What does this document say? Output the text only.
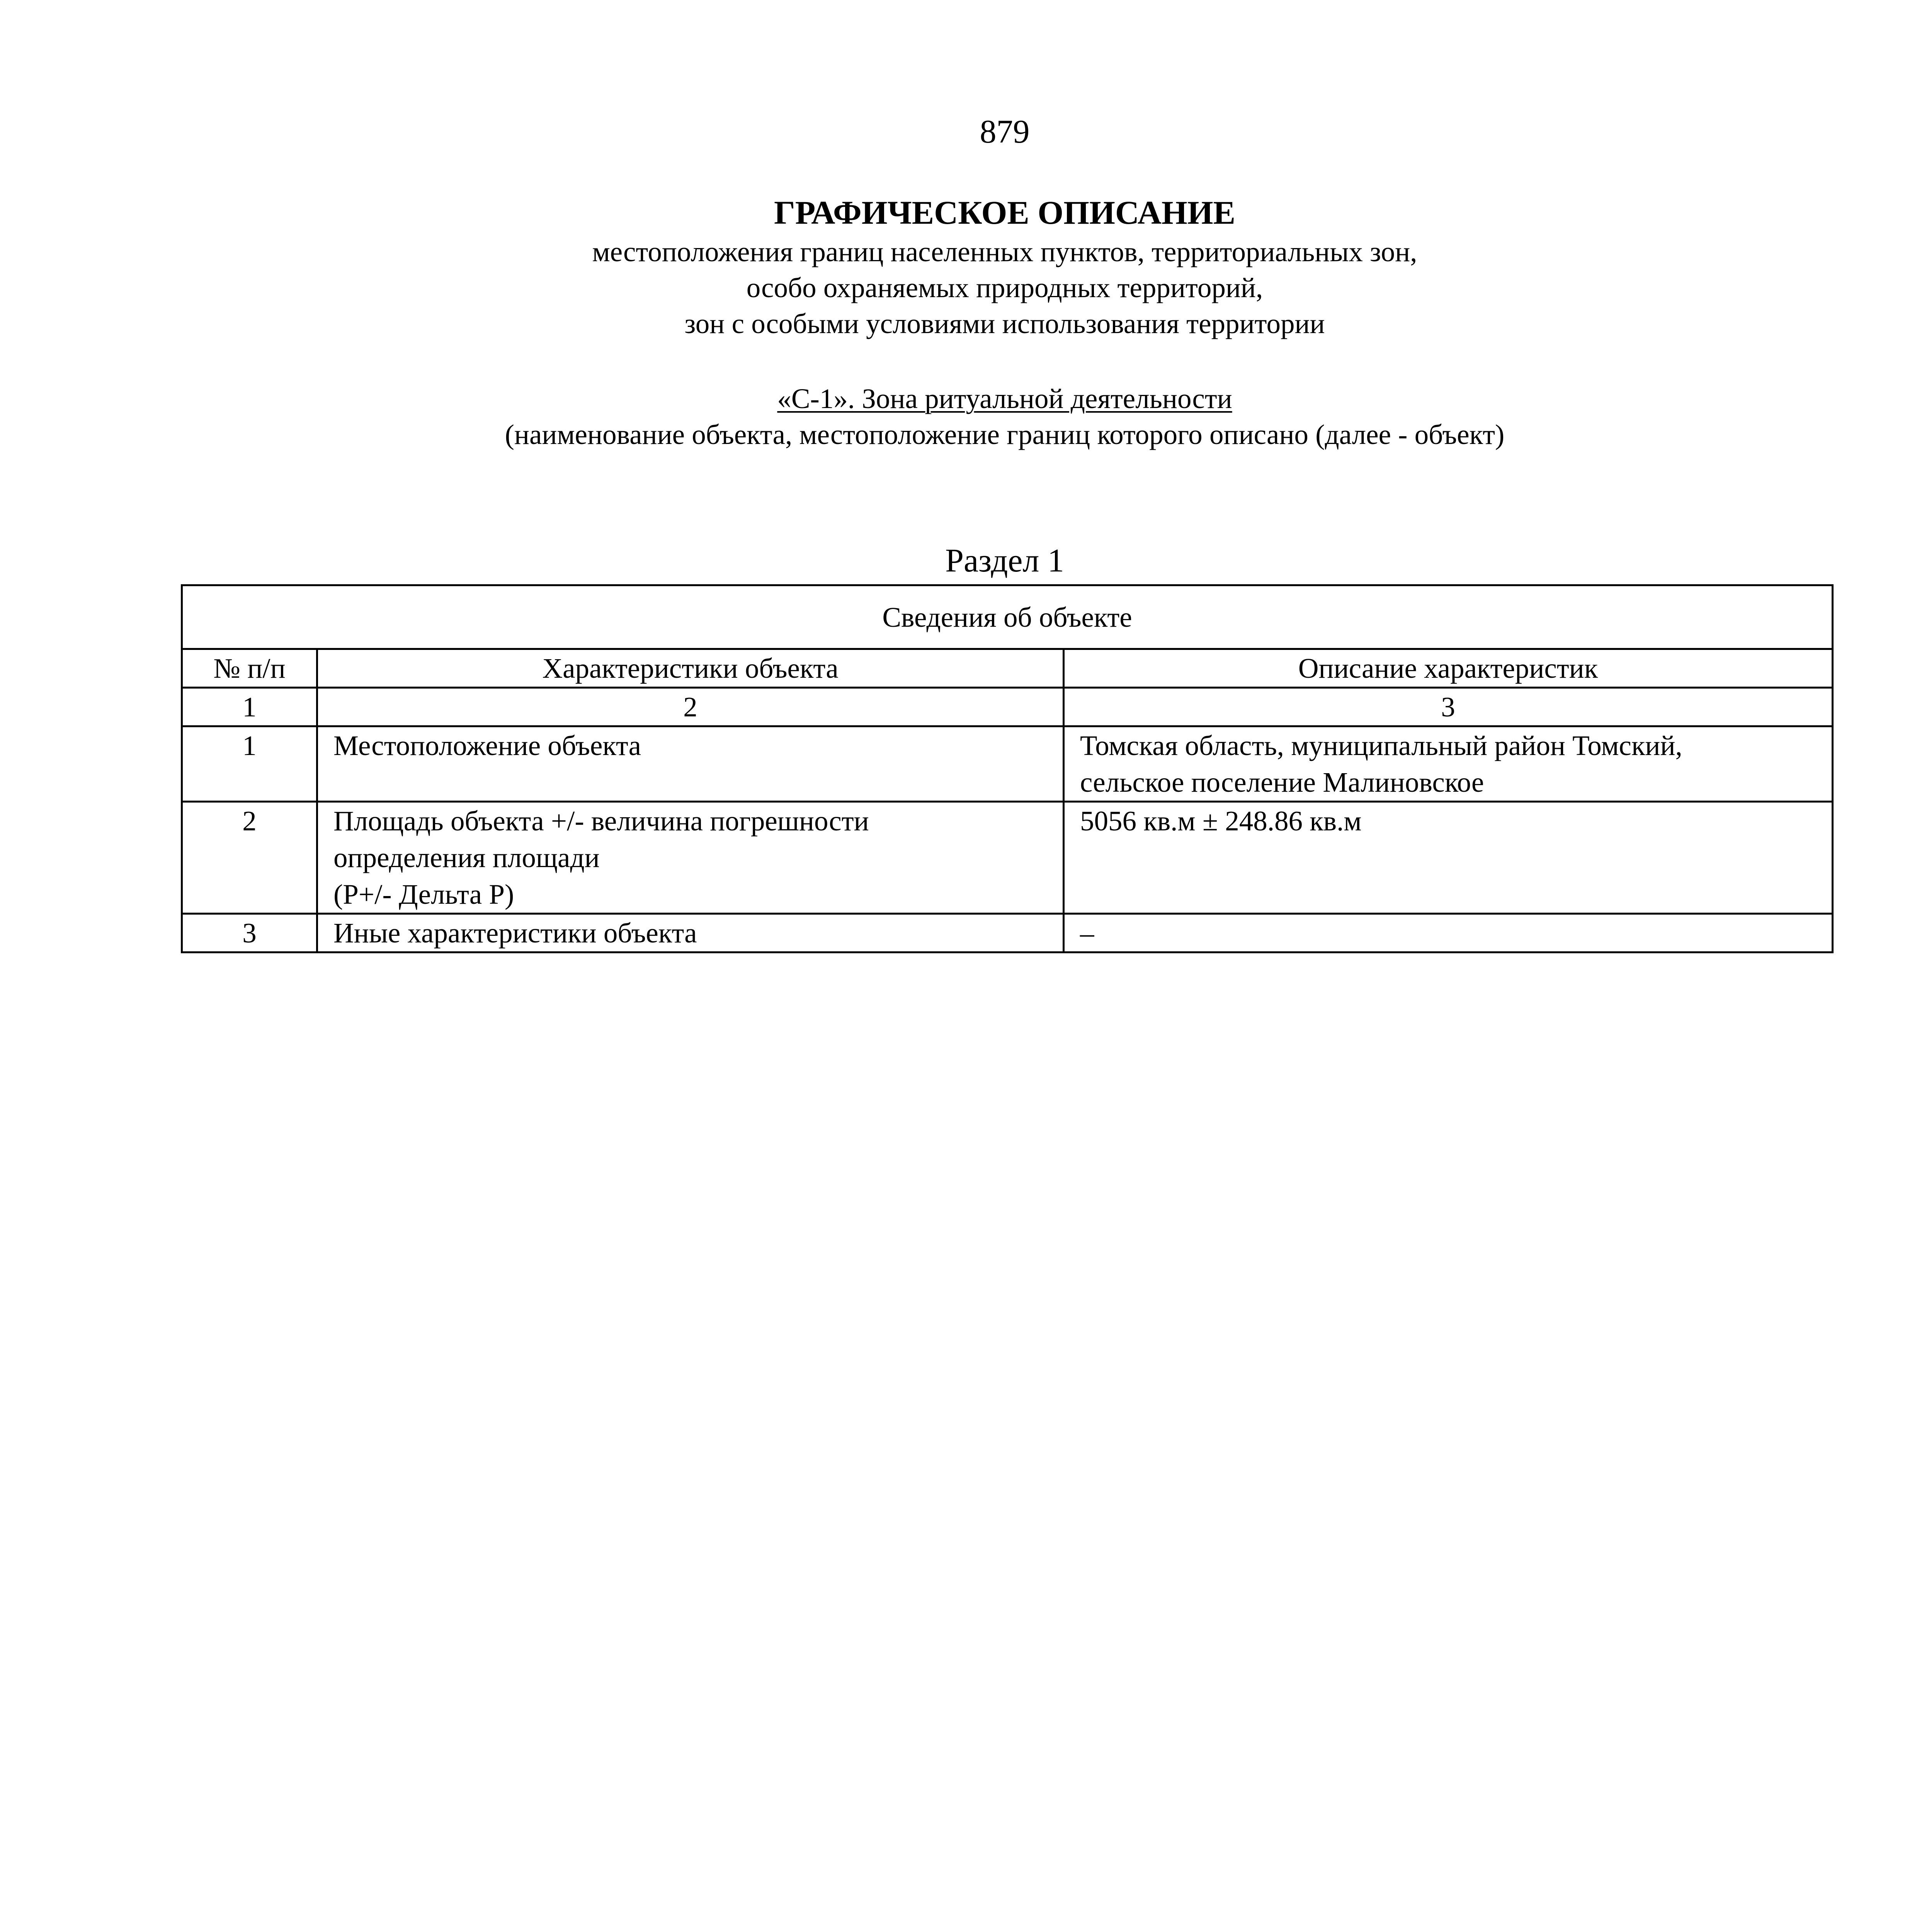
879
ГРАФИЧЕСКОЕ ОПИСАНИЕ
местоположения границ населенных пунктов, территориальных зон,
особо охраняемых природных территорий,
зон с особыми условиями использования территории
«С-1». Зона ритуальной деятельности
(наименование объекта, местоположение границ которого описано (далее - объект)
Раздел 1
Сведения об объекте		
№ п/п	Характеристики объекта	Описание характеристик
1	2	3
1	Местоположение объекта	Томская область, муниципальный район Томский,
сельское поселение Малиновское

2	Площадь объекта +/- величина погрешности
определения площади
(P+/- Дельта P)	5056 кв.м ± 248.86 кв.м

3	Иные характеристики объекта	–
